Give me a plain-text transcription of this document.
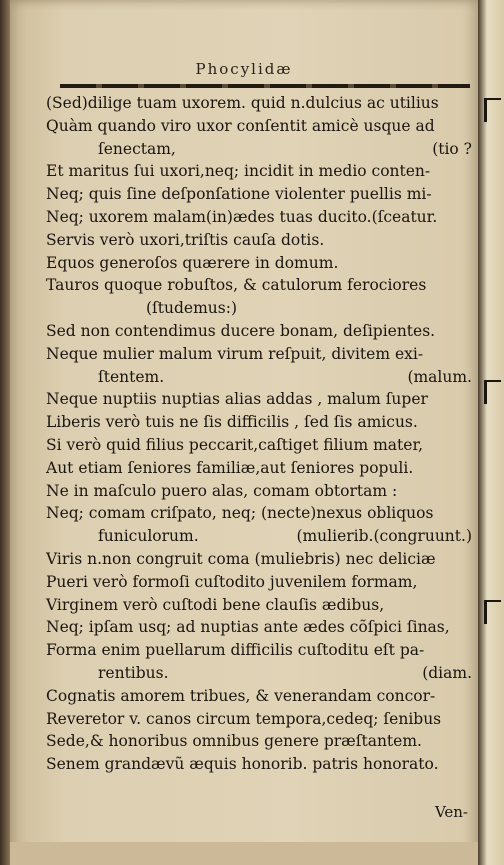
Phocylidæ
(Sed)dilige tuam uxorem. quid n.dulcius ac utilius
Quàm quando viro uxor conſentit amicè usque ad
ſenectam,	(tio ?
Et maritus ſui uxori,neq; incidit in medio conten-
Neq; quis ſine deſponſatione violenter puellis mi-
Neq; uxorem malam(in)ædes tuas ducito.(ſceatur.
Servis verò uxori,triſtis cauſa dotis.
Equos generoſos quærere in domum.
Tauros quoque robuſtos, & catulorum ferociores
(ſtudemus:)
Sed non contendimus ducere bonam, deſipientes.
Neque mulier malum virum reſpuit, divitem exi-
ſtentem.	(malum.
Neque nuptiis nuptias alias addas , malum ſuper
Liberis verò tuis ne ſis difficilis , ſed ſis amicus.
Si verò quid filius peccarit,caſtiget filium mater,
Aut etiam ſeniores familiæ,aut ſeniores populi.
Ne in maſculo puero alas, comam obtortam :
Neq; comam criſpato, neq; (necte)nexus obliquos
funiculorum.	(mulierib.(congruunt.)
Viris n.non congruit coma (muliebris) nec deliciæ
Pueri verò formoſi cuſtodito juvenilem formam,
Virginem verò cuſtodi bene clauſis ædibus,
Neq; ipſam usq; ad nuptias ante ædes cõſpici ſinas,
Forma enim puellarum difficilis cuſtoditu eſt pa-
rentibus.	(diam.
Cognatis amorem tribues, & venerandam concor-
Reveretor v. canos circum tempora,cedeq; ſenibus
Sede,& honoribus omnibus genere præſtantem.
Senem grandævũ æquis honorib. patris honorato.
Ven-
